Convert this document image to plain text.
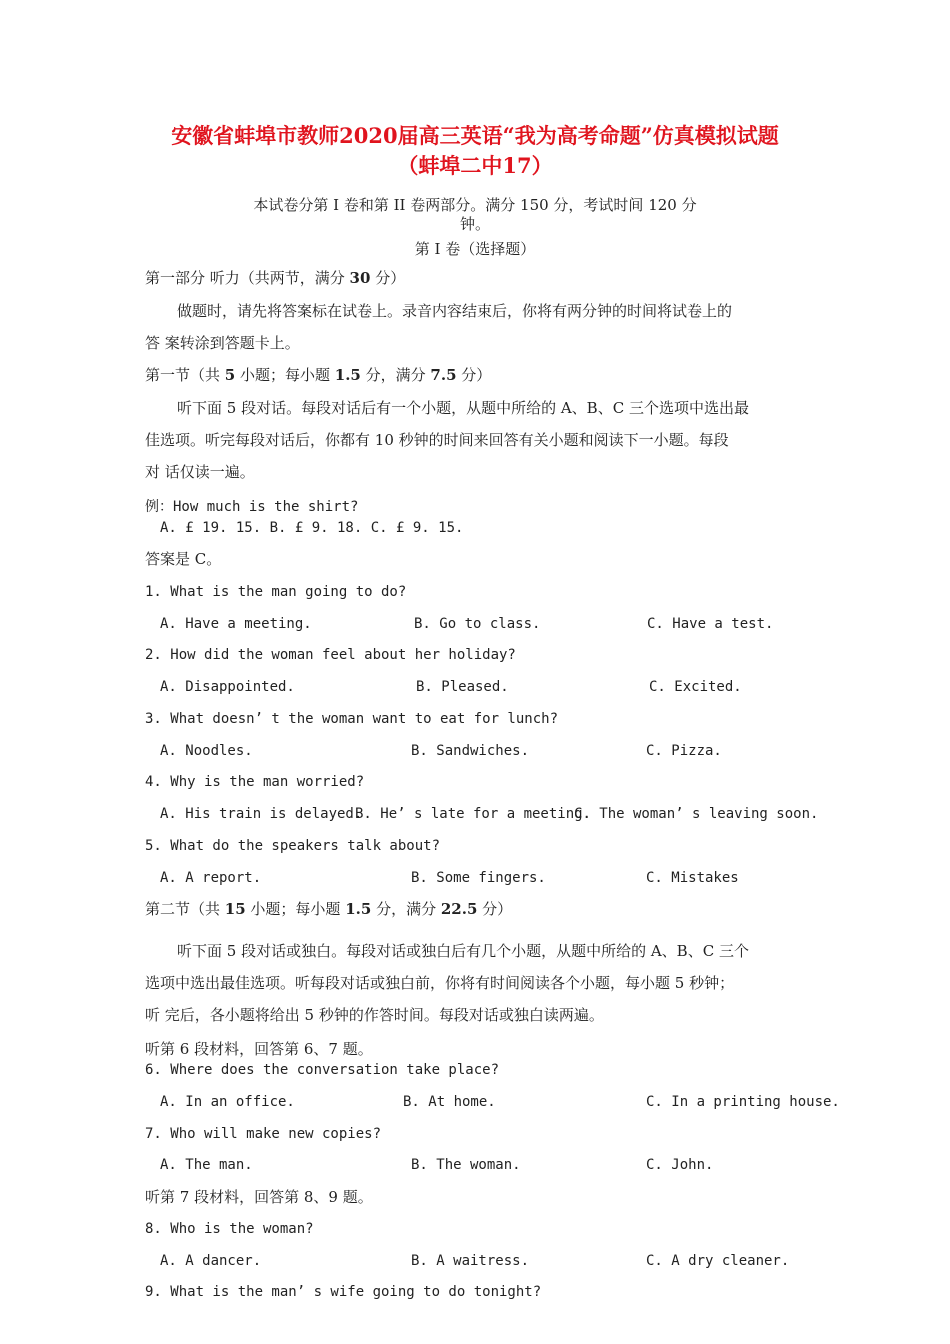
安徽省蚌埠市教师2020届高三英语“我为高考命题”仿真模拟试题
（蚌埠二中17）
本试卷分第 I 卷和第 II 卷两部分。满分 150 分，考试时间 120 分
钟。
第 I 卷（选择题）
第一部分 听力（共两节，满分 30 分）
做题时，请先将答案标在试卷上。录音内容结束后，你将有两分钟的时间将试卷上的
答 案转涂到答题卡上。
第一节（共 5 小题；每小题 1.5 分，满分 7.5 分）
听下面 5 段对话。每段对话后有一个小题，从题中所给的 A、B、C 三个选项中选出最
佳选项。听完每段对话后，你都有 10 秒钟的时间来回答有关小题和阅读下一小题。每段
对 话仅读一遍。
例：How much is the shirt?
A. £ 19. 15. B. £ 9. 18. C. £ 9. 15.
答案是 C。
1. What is the man going to do?
A. Have a meeting.	B. Go to class.	C. Have a test.
2. How did the woman feel about her holiday?
A. Disappointed.	B. Pleased.	C. Excited.
3. What doesn’ t the woman want to eat for lunch?
A. Noodles.	B. Sandwiches.	C. Pizza.
4. Why is the man worried?
A. His train is delayed.
B. He’ s late for a meeting.
C. The woman’ s leaving soon.
5. What do the speakers talk about?
A. A report.	B. Some fingers.	C. Mistakes
第二节（共 15 小题；每小题 1.5 分，满分 22.5 分）
听下面 5 段对话或独白。每段对话或独白后有几个小题，从题中所给的 A、B、C 三个
选项中选出最佳选项。听每段对话或独白前，你将有时间阅读各个小题，每小题 5 秒钟；
听 完后，各小题将给出 5 秒钟的作答时间。每段对话或独白读两遍。
听第 6 段材料，回答第 6、7 题。
6. Where does the conversation take place?
A. In an office.	B. At home.	C. In a printing house.
7. Who will make new copies?
A. The man.	B. The woman.	C. John.
听第 7 段材料，回答第 8、9 题。
8. Who is the woman?
A. A dancer.	B. A waitress.	C. A dry cleaner.
9. What is the man’ s wife going to do tonight?
